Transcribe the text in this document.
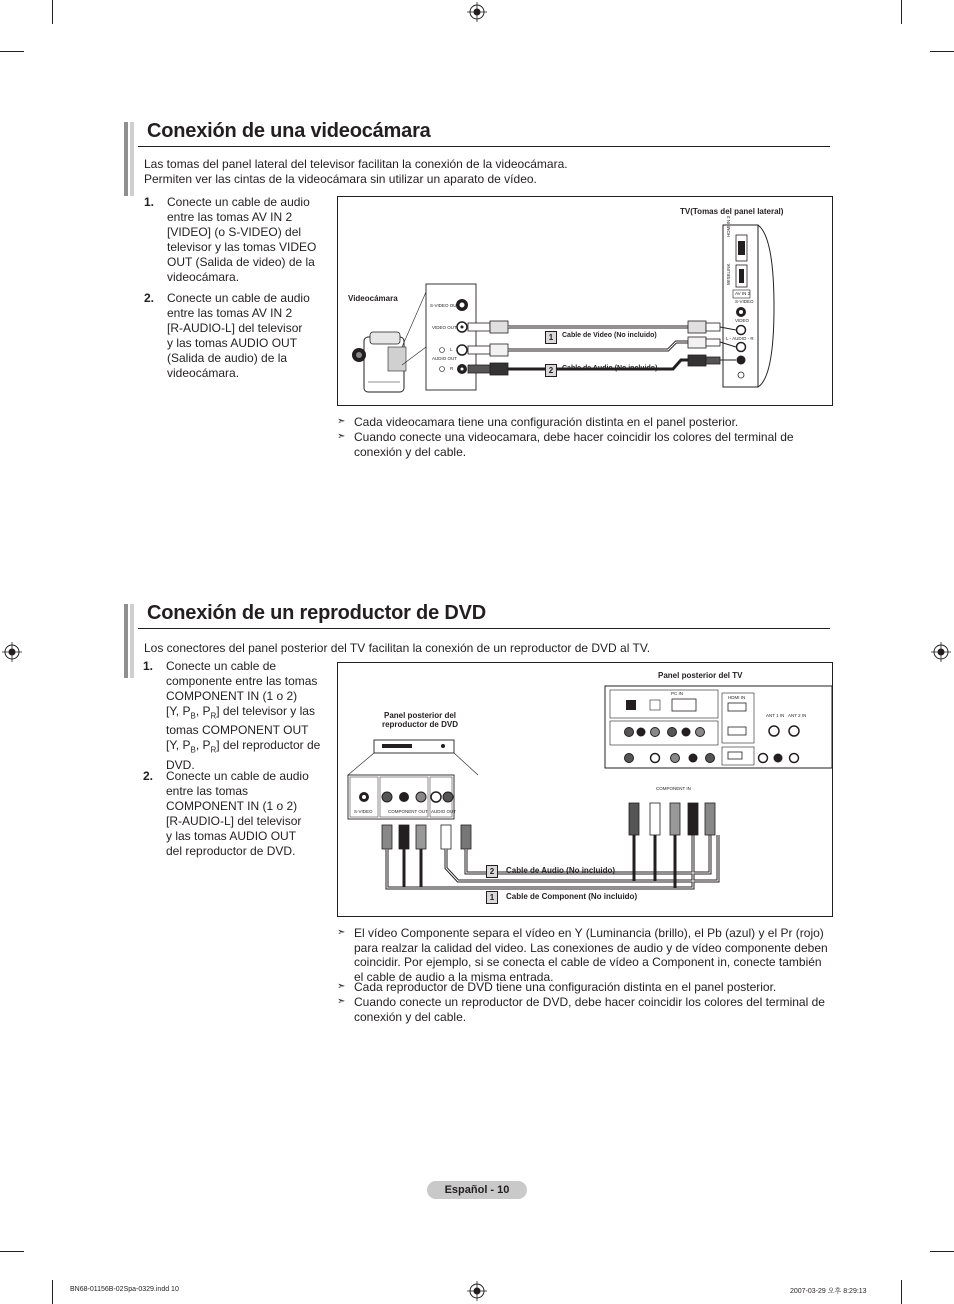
Conexión de una videocámara
Las tomas del panel lateral del televisor facilitan la conexión de la videocámara.
Permiten ver las cintas de la videocámara sin utilizar un aparato de vídeo.
1. Conecte un cable de audio
entre las tomas AV IN 2
[VIDEO] (o S-VIDEO) del
televisor y las tomas VIDEO
OUT (Salida de video) de la
videocámara.
2. Conecte un cable de audio
entre las tomas AV IN 2
[R-AUDIO-L] del televisor
y las tomas AUDIO OUT
(Salida de audio) de la
videocámara.
TV(Tomas del panel lateral)
Videocámara
S-VIDEO OUT
VIDEO OUT
AUDIO OUT
L
R
HDMI IN 3
WISELINK
AV IN 2
S-VIDEO
VIDEO
L - AUDIO - R
1	Cable de Video (No incluido)
2	Cable de Audio (No incluido)
➣ Cada videocamara tiene una configuración distinta en el panel posterior.
➣ Cuando conecte una videocamara, debe hacer coincidir los colores del terminal de
conexión y del cable.
Conexión de un reproductor de DVD
Los conectores del panel posterior del TV facilitan la conexión de un reproductor de DVD al TV.
1. Conecte un cable de
componente entre las tomas
COMPONENT IN (1 o 2)
[Y, $P_B$, $P_R$] del televisor y las
tomas COMPONENT OUT
[Y, $P_B$, $P_R$] del reproductor de
DVD.
2. Conecte un cable de audio
entre las tomas
COMPONENT IN (1 o 2)
[R-AUDIO-L] del televisor
y las tomas AUDIO OUT
del reproductor de DVD.
Panel posterior del TV
Panel posterior del
reproductor de DVD
PC IN
HDMI IN
ANT 1 IN ANT 2 IN
COMPONENT IN
S-VIDEO	COMPONENT OUT AUDIO OUT
2	Cable de Audio (No incluido)
1	Cable de Component (No incluido)
➣ El vídeo Componente separa el vídeo en Y (Luminancia (brillo), el Pb (azul) y el Pr (rojo)
para realzar la calidad del video. Las conexiones de audio y de vídeo componente deben
coincidir. Por ejemplo, si se conecta el cable de vídeo a Component in, conecte también
el cable de audio a la misma entrada.
➣ Cada reproductor de DVD tiene una configuración distinta en el panel posterior.
➣ Cuando conecte un reproductor de DVD, debe hacer coincidir los colores del terminal de
conexión y del cable.
Español - 10
BN68-01156B-02Spa-0329.indd 10	2007-03-29 오후 8:29:13
